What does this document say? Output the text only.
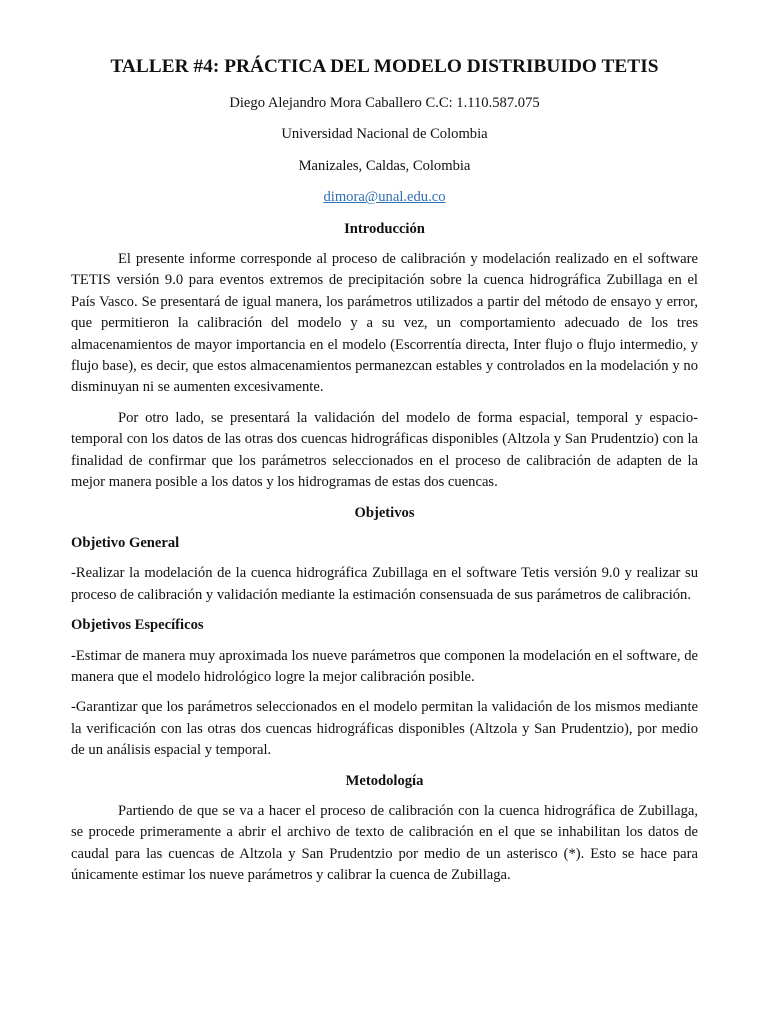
TALLER #4: PRÁCTICA DEL MODELO DISTRIBUIDO TETIS

Diego Alejandro Mora Caballero C.C: 1.110.587.075

Universidad Nacional de Colombia

Manizales, Caldas, Colombia

dimora@unal.edu.co

Introducción

El presente informe corresponde al proceso de calibración y modelación realizado en el software TETIS versión 9.0 para eventos extremos de precipitación sobre la cuenca hidrográfica Zubillaga en el País Vasco. Se presentará de igual manera, los parámetros utilizados a partir del método de ensayo y error, que permitieron la calibración del modelo y a su vez, un comportamiento adecuado de los tres almacenamientos de mayor importancia en el modelo (Escorrentía directa, Inter flujo o flujo intermedio, y flujo base), es decir, que estos almacenamientos permanezcan estables y controlados en la modelación y no disminuyan ni se aumenten excesivamente.

Por otro lado, se presentará la validación del modelo de forma espacial, temporal y espacio-temporal con los datos de las otras dos cuencas hidrográficas disponibles (Altzola y San Prudentzio) con la finalidad de confirmar que los parámetros seleccionados en el proceso de calibración de adapten de la mejor manera posible a los datos y los hidrogramas de estas dos cuencas.

Objetivos

Objetivo General

-Realizar la modelación de la cuenca hidrográfica Zubillaga en el software Tetis versión 9.0 y realizar su proceso de calibración y validación mediante la estimación consensuada de sus parámetros de calibración.

Objetivos Específicos

-Estimar de manera muy aproximada los nueve parámetros que componen la modelación en el software, de manera que el modelo hidrológico logre la mejor calibración posible.

-Garantizar que los parámetros seleccionados en el modelo permitan la validación de los mismos mediante la verificación con las otras dos cuencas hidrográficas disponibles (Altzola y San Prudentzio), por medio de un análisis espacial y temporal.

Metodología

Partiendo de que se va a hacer el proceso de calibración con la cuenca hidrográfica de Zubillaga, se procede primeramente a abrir el archivo de texto de calibración en el que se inhabilitan los datos de caudal para las cuencas de Altzola y San Prudentzio por medio de un asterisco (*). Esto se hace para únicamente estimar los nueve parámetros y calibrar la cuenca de Zubillaga.
